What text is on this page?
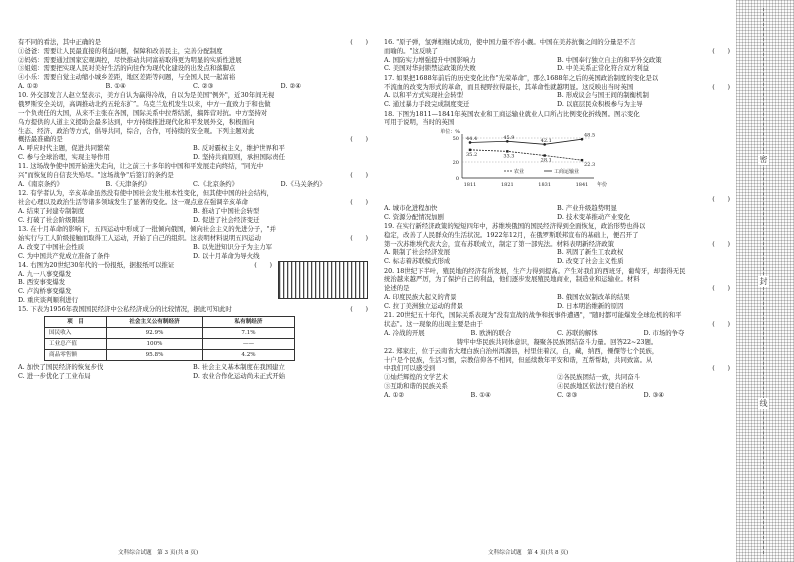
有不同的看法，其中正确的是	(　　)
①爸爸：需要让人民最直接的利益问题，保障和改善民主，完善分配制度
②妈妈：需要通过国家宏观调控，尽快推动共同富裕取得更为明显的实质性进展
③姐姐：需要把实现人民对美好生活的向往作为现代化建设的出发点和落脚点
④小乐：需要自觉主动缩小城乡差距，地区差距等问题，与全国人民一起富裕
A. ①②	B. ①④	C. ②③	D. ②④
10. 外交部发言人赵立坚表示，美方自认为赢得冷战，自以为是美国"例外"，近30年间无视
俄罗斯安全关切，高调推动北约五轮东扩”。乌克兰危机发生以来，中方一直致力于和也做
一个负责任的大国，从来不主张在各国，国际关系中拉帮结派，搞阵营对抗。中方坚持对
乌方提供的人道主义援助会最多达到，中方持续推进现代化和平发展外交，积极面向
生态、经济、政治等方式，倡导共同，综合，合作，可持续的安全观。下列主题对此
概括最准确的是	(　　)
A. 呼应时代主题，促进共同繁荣	B. 反对霸权主义，维护世界和平
C. 参与全球治理，实现主导作用	D. 坚持共商原则，承担国际责任
11. 这场战争使中国开始迷失走向，让之前三十多年的中国和平发展走向终结，"同光中
兴"而恢复的自信丧失殆尽。"这场战争"后签订的条约是	(　　)
A.《南京条约》	B.《天津条约》	C.《北京条约》	D.《马关条约》
12. 有学者认为，辛亥革命虽然没有使中国社会发生根本性变化，但其使中国的社会结构，
社会心理以及政治生活等诸多领域发生了显著的变化。这一观点意在强调辛亥革命	(　　)
A. 结束了封建专制制度	B. 推动了中国社会转型
C. 打破了社会阶级限制	D. 促进了社会经济变迁
13. 在十月革命的影响下，五四运动中形成了一批倾向俄国，倾向社会主义的先进分子，"并
始实行与工人阶级接触而取得工人运动，开始了自己的组织。这表明材料说明五四运动	(　　)
A. 改变了中国社会性质	B. 以先进知识分子为主力军
C. 为中国共产党成立准备了条件	D. 以十月革命为导火线
14. 右图为20世纪30年代的一份报纸，据报纸可以推证	(　　)
A. 九一八事变爆发
B. 西安事变爆发
C. 卢沟桥事变爆发
D. 重庆谈判顺利进行
15. 下表为1956年我国国民经济中公私经济成分的比较情况，据此可知此时	(　　)
项　目	社会主义公有制经济	私有制经济
国民收入	92.9%	7.1%
工业总产值	100%	——
商品零售额	95.8%	4.2%
A. 加快了国民经济的恢复步伐	B. 社会主义基本制度在我国建立
C. 进一步优化了工业布局	D. 农业合作化运动尚未正式开始
文科综合试题　第 3 页(共 8 页)
16. "原子弹，氢弹相继试成功，使中国力量不容小觑。中国在美苏抗衡之间的分量是不言
而喻的。"这反映了	(　　)
A. 国防实力增强提升中国影响力	B. 中国奉行独立自主的和平外交政策
C. 美国对华封锁禁运政策的失败	D. 中美关系正常化符合双方利益
17. 如果把1688年前后的历史变化比作"光荣革命"，那么1688年之后的英国政治制度的变化是以
不流血的改变为形式的革命，而且视野拉得最长，其革命性就越明显。这反映出当时英国	(　　)
A. 以和平方式实现社会转型	B. 形成议会与国王间的制衡机制
C. 通过暴力手段完成制度变迁	D. 以底层民众积极参与为主导
18. 下图为1811—1841年英国农业和工商运输业就业人口所占比例变化折线图。图示变化
可用于说明，当时的英国
单位：%
年份
0
20
50
1811	1821	1831	1841
44.4	45.9
42.1
48.5
35.2	33.3
28.1
22.3
农业	工商运输业
(　　)
A. 城市化进程加快	B. 产业升级趋势明显
C. 资源分配情况加剧	D. 技术变革推动产业变化
19. 在实行新经济政策的短短四年中，苏维埃俄国的国民经济得到全面恢复，政治形势也得以
稳定，改善了人民群众的生活状况。1922年12月，在俄罗斯联邦宣布的基础上，便召开了
第一次苏维埃代表大会，宣布苏联成立，制定了第一部宪法。材料表明新经济政策	(　　)
A. 限制了社会经济发展	B. 巩固了新生工农政权
C. 标志着苏联模式形成	D. 改变了社会主义性质
20. 18世纪下半叶，殖民地的经济有所发展，生产力得到提高。产生对我们的西班牙，葡萄牙，却套得无民
统治越来越严厉，为了保护自己的利益，他们逐步发展殖民地商业，制造业和运输业。材料
论述的是	(　　)
A. 印度民族大起义的背景	B. 俄国农奴制改革的结果
C. 拉丁美洲独立运动的背景	D. 日本明治维新的原因
21. 20世纪五十年代，国际关系表现为"没有宣战的战争和抚事件遭遇"，"随时都可能爆发全球危机的和平
状态"。这一现象的出现主要是由于	(　　)
A. 冷战的开展	B. 欧洲的联合	C. 苏联的解体	D. 市场的争夺
铸牢中华民族共同体意识，凝聚各民族团结奋斗力量。回答22~23题。
22. 郑家庄，位于云南省大理白族自治州洱源县，村里住着汉，白，藏，纳西，傈僳等七个民族，
十户是个民族，生活习惯，宗教信仰各不相同，但延续数年平安和谐，互帮帮助，共同致富。从
中我们可以感受到	(　　)
①灿烂辉煌的文学艺术	②各民族团结一致，共同奋斗
③互助和谐的民族关系	④民族地区依法行使自治权
A. ①②	B. ①④	C. ②③	D. ③④
文科综合试题　第 4 页(共 8 页)
密
封
线
